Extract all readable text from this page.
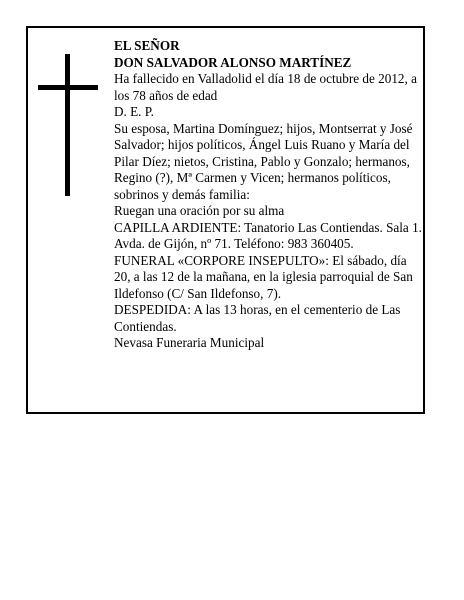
EL SEÑOR

DON SALVADOR ALONSO MARTÍNEZ

Ha fallecido en Valladolid el día 18 de octubre de 2012, a los 78 años de edad

D. E. P.

Su esposa, Martina Domínguez; hijos, Montserrat y José Salvador; hijos políticos, Ángel Luis Ruano y María del Pilar Díez; nietos, Cristina, Pablo y Gonzalo; hermanos, Regino (?), Mª Carmen y Vicen; hermanos políticos, sobrinos y demás familia:

Ruegan una oración por su alma

CAPILLA ARDIENTE: Tanatorio Las Contiendas. Sala 1. Avda. de Gijón, nº 71. Teléfono: 983 360405.

FUNERAL «CORPORE INSEPULTO»: El sábado, día 20, a las 12 de la mañana, en la iglesia parroquial de San Ildefonso (C/ San Ildefonso, 7).

DESPEDIDA: A las 13 horas, en el cementerio de Las Contiendas.

Nevasa Funeraria Municipal
